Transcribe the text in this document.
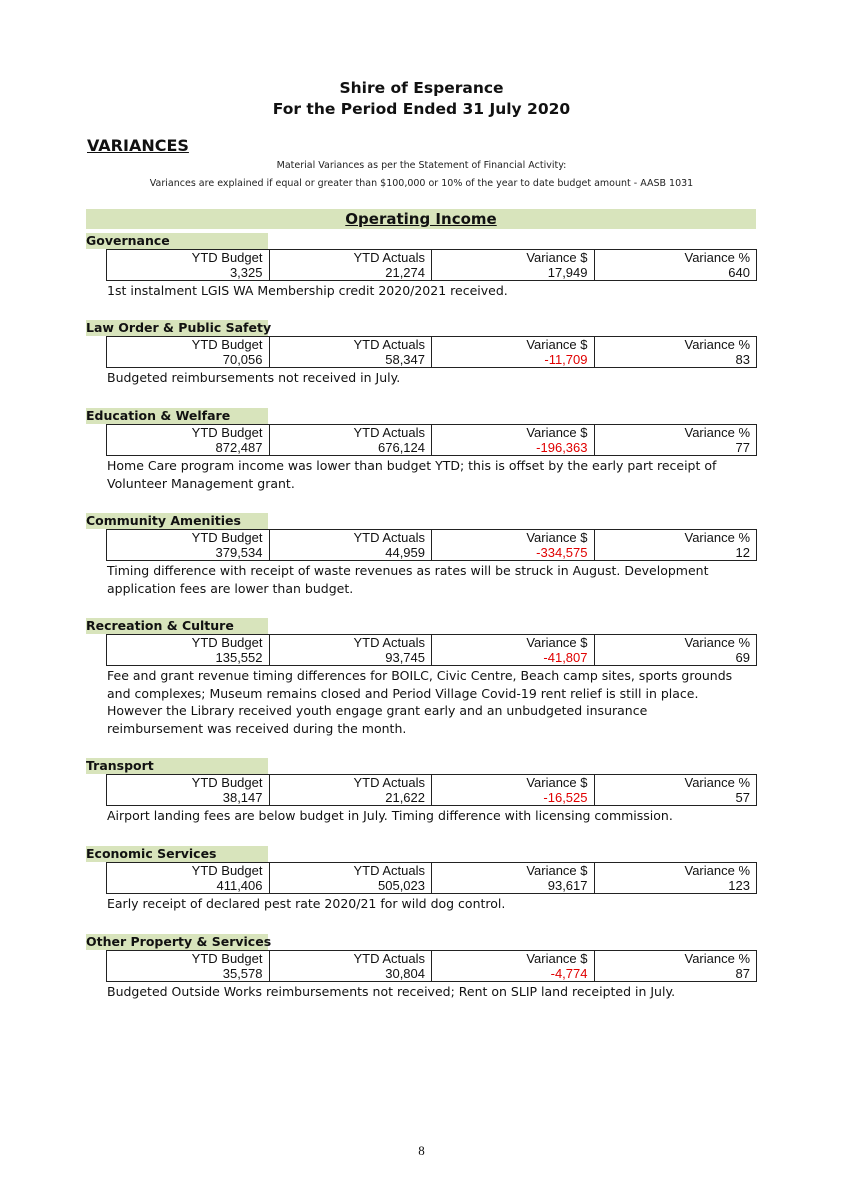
Shire of Esperance
For the Period Ended 31 July 2020
VARIANCES
Material Variances as per the Statement of Financial Activity:
Variances are explained if equal or greater than $100,000 or 10% of the year to date budget amount - AASB 1031
Operating Income
Governance
YTD Budget	YTD Actuals	Variance $	Variance %
3,325	21,274	17,949	640
1st instalment LGIS WA Membership credit 2020/2021 received.
Law Order & Public Safety
YTD Budget	YTD Actuals	Variance $	Variance %
70,056	58,347	-11,709	83
Budgeted reimbursements not received in July.
Education & Welfare
YTD Budget	YTD Actuals	Variance $	Variance %
872,487	676,124	-196,363	77
Home Care program income was lower than budget YTD; this is offset by the early part receipt of Volunteer Management grant.
Community Amenities
YTD Budget	YTD Actuals	Variance $	Variance %
379,534	44,959	-334,575	12
Timing difference with receipt of waste revenues as rates will be struck in August. Development application fees are lower than budget.
Recreation & Culture
YTD Budget	YTD Actuals	Variance $	Variance %
135,552	93,745	-41,807	69
Fee and grant revenue timing differences for BOILC, Civic Centre, Beach camp sites, sports grounds and complexes; Museum remains closed and Period Village Covid-19 rent relief is still in place. However the Library received youth engage grant early and an unbudgeted insurance reimbursement was received during the month.
Transport
YTD Budget	YTD Actuals	Variance $	Variance %
38,147	21,622	-16,525	57
Airport landing fees are below budget in July. Timing difference with licensing commission.
Economic Services
YTD Budget	YTD Actuals	Variance $	Variance %
411,406	505,023	93,617	123
Early receipt of declared pest rate 2020/21 for wild dog control.
Other Property & Services
YTD Budget	YTD Actuals	Variance $	Variance %
35,578	30,804	-4,774	87
Budgeted Outside Works reimbursements not received; Rent on SLIP land receipted in July.
8
